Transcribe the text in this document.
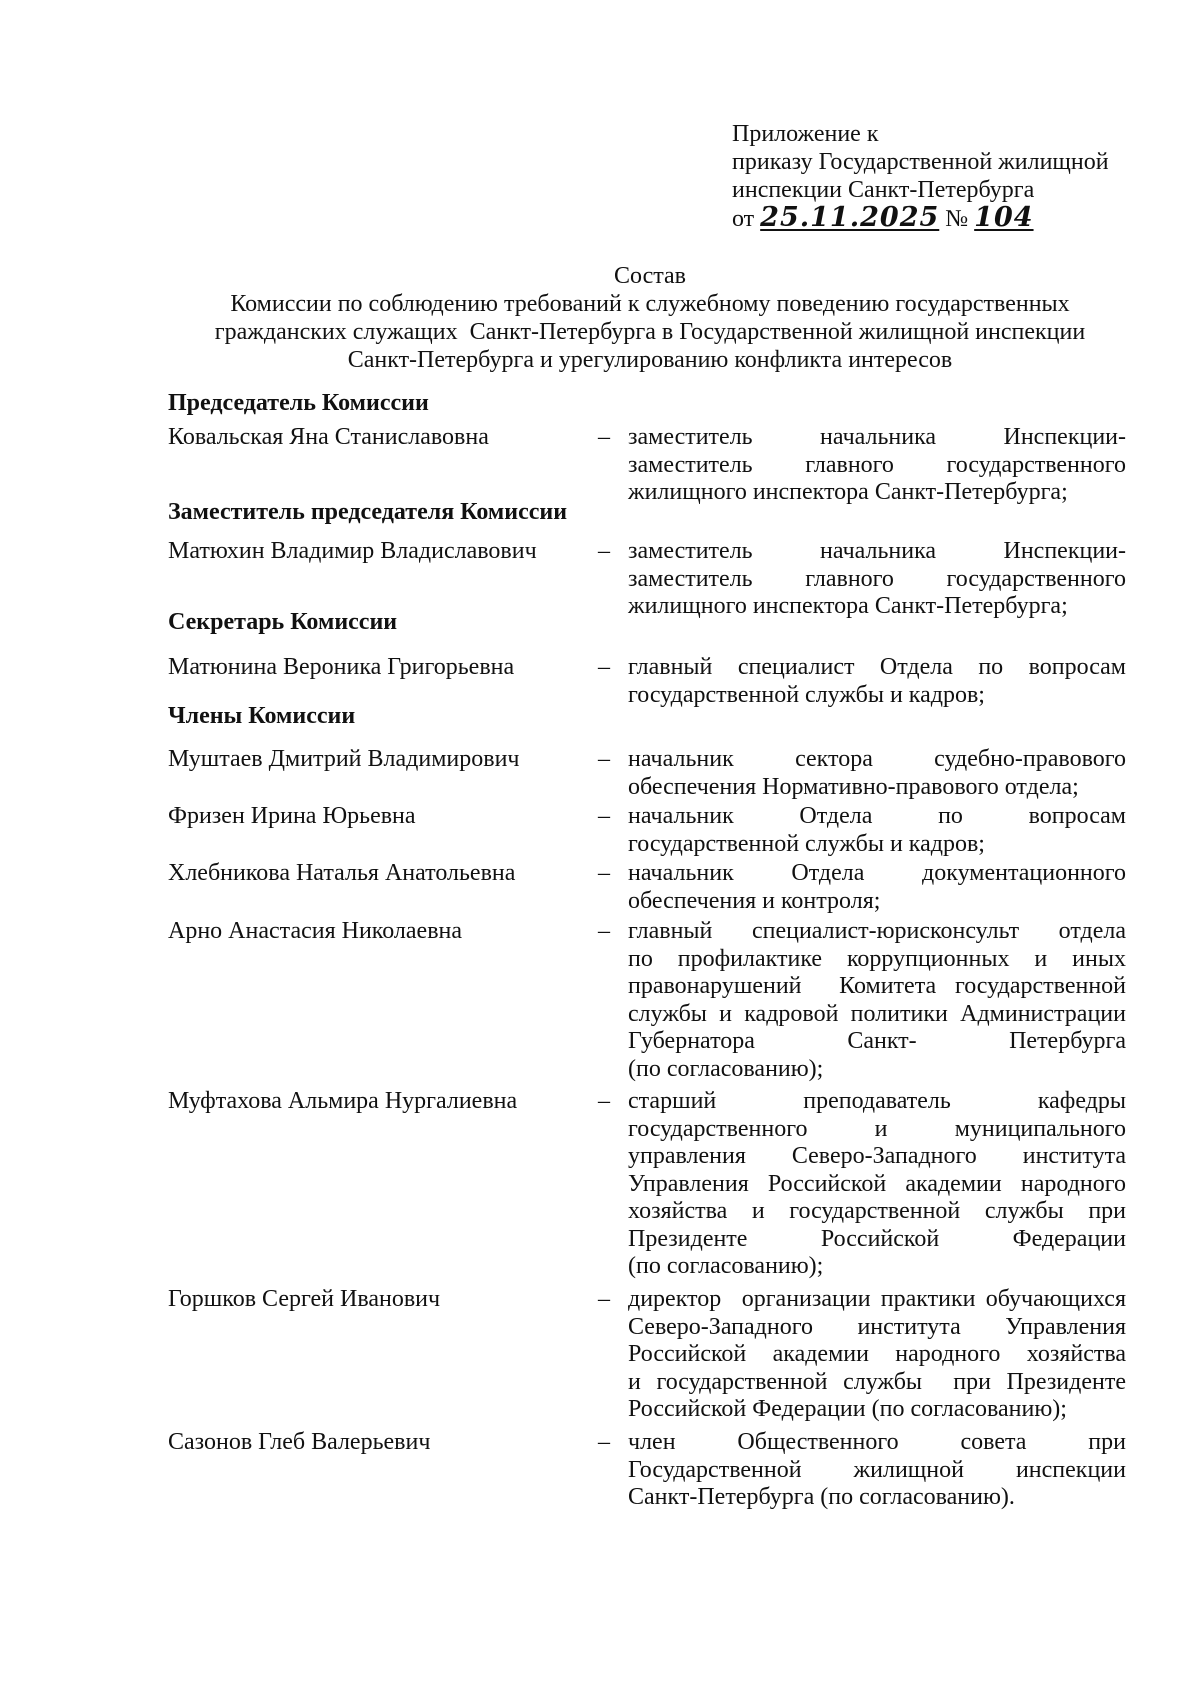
Приложение к
приказу Государственной жилищной
инспекции Санкт-Петербурга
от 25.11.2025 № 104
Состав
Комиссии по соблюдению требований к служебному поведению государственных
гражданских служащих  Санкт-Петербурга в Государственной жилищной инспекции
Санкт-Петербурга и урегулированию конфликта интересов
Председатель Комиссии
Заместитель председателя Комиссии
Секретарь Комиссии
Члены Комиссии
Ковальская Яна Станиславовна	– заместитель начальника Инспекции-
заместитель главного государственного
жилищного инспектора Санкт-Петербурга;
Матюхин Владимир Владиславович	– заместитель начальника Инспекции-
заместитель главного государственного
жилищного инспектора Санкт-Петербурга;
Матюнина Вероника Григорьевна	– главный специалист Отдела по вопросам
государственной службы и кадров;
Муштаев Дмитрий Владимирович	– начальник сектора судебно-правового
обеспечения Нормативно-правового отдела;
Фризен Ирина Юрьевна	– начальник Отдела по вопросам
государственной службы и кадров;
Хлебникова Наталья Анатольевна	– начальник Отдела документационного
обеспечения и контроля;
Арно Анастасия Николаевна	– главный специалист-юрисконсульт отдела
по профилактике коррупционных и иных
правонарушений  Комитета государственной
службы и кадровой политики Администрации
Губернатора Санкт- Петербурга
(по согласованию);
Муфтахова Альмира Нургалиевна	– старший преподаватель кафедры
государственного и муниципального
управления Северо-Западного института
Управления Российской академии народного
хозяйства и государственной службы при
Президенте Российской Федерации
(по согласованию);
Горшков Сергей Иванович	– директор  организации практики обучающихся
Северо-Западного института Управления
Российской академии народного хозяйства
и государственной службы  при Президенте
Российской Федерации (по согласованию);
Сазонов Глеб Валерьевич	– член Общественного совета при
Государственной жилищной инспекции
Санкт-Петербурга (по согласованию).
